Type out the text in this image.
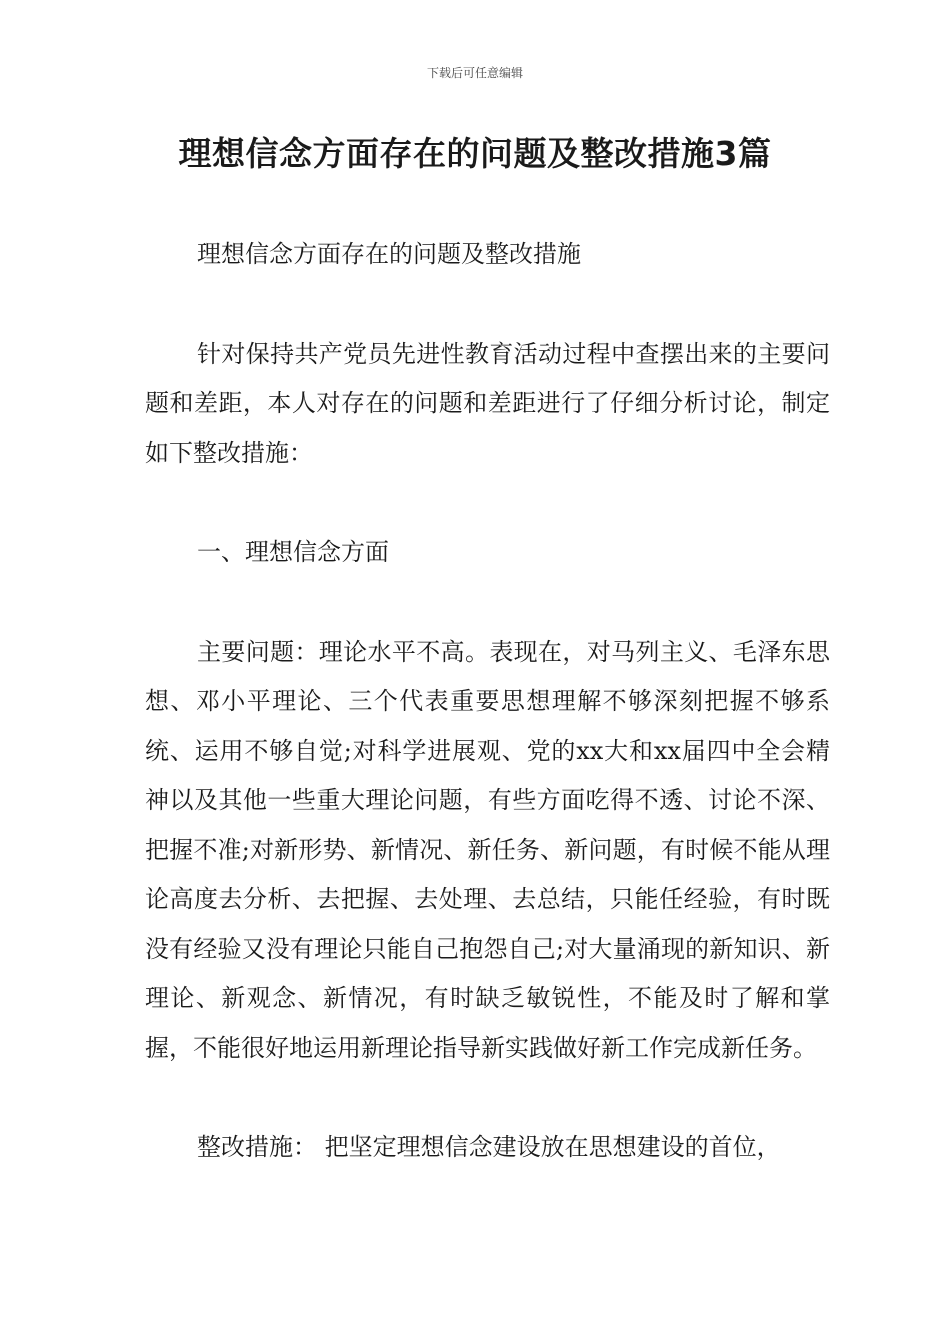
下载后可任意编辑
理想信念方面存在的问题及整改措施3篇

理想信念方面存在的问题及整改措施

针对保持共产党员先进性教育活动过程中查摆出来的主要问题和差距，本人对存在的问题和差距进行了仔细分析讨论，制定如下整改措施：

一、理想信念方面

主要问题：理论水平不高。表现在，对马列主义、毛泽东思想、邓小平理论、三个代表重要思想理解不够深刻把握不够系统、运用不够自觉;对科学进展观、党的xx大和xx届四中全会精神以及其他一些重大理论问题，有些方面吃得不透、讨论不深、把握不准;对新形势、新情况、新任务、新问题，有时候不能从理论高度去分析、去把握、去处理、去总结，只能任经验，有时既没有经验又没有理论只能自己抱怨自己;对大量涌现的新知识、新理论、新观念、新情况，有时缺乏敏锐性，不能及时了解和掌握，不能很好地运用新理论指导新实践做好新工作完成新任务。

整改措施： 把坚定理想信念建设放在思想建设的首位，
